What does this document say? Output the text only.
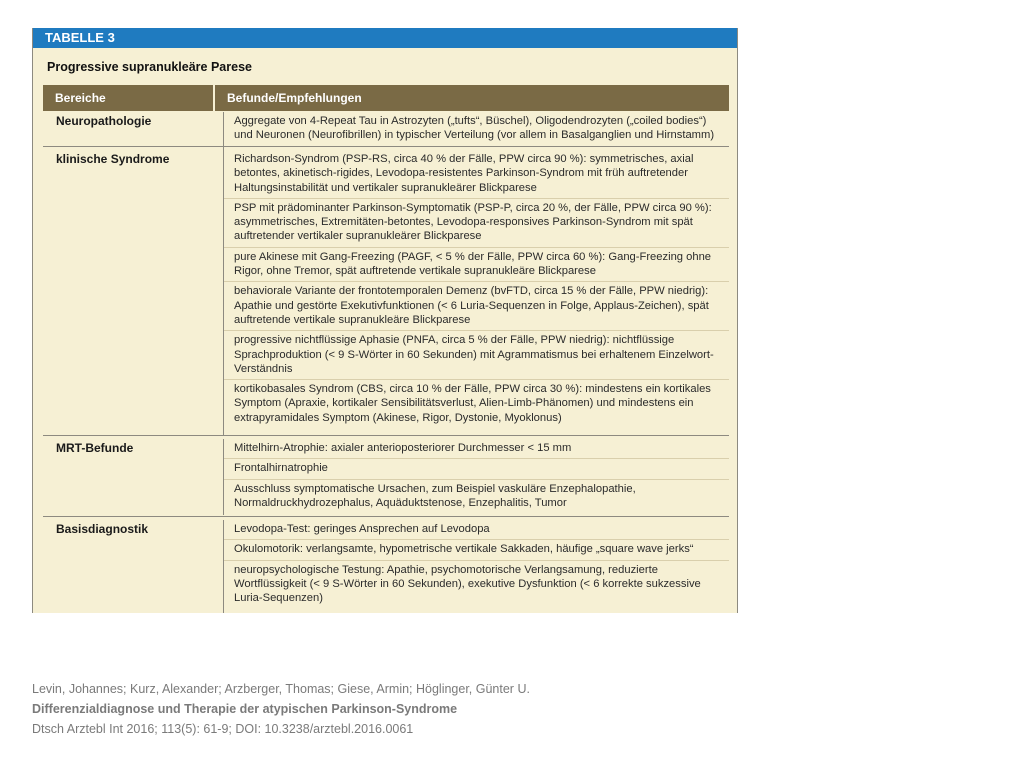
TABELLE 3
Progressive supranukleäre Parese
Bereiche	Befunde/Empfehlungen
Neuropathologie	Aggregate von 4-Repeat Tau in Astrozyten („tufts“, Büschel), Oligodendrozyten („coiled bodies“) und Neuronen (Neurofibrillen) in typischer Verteilung (vor allem in Basalganglien und Hirnstamm)
klinische Syndrome	Richardson-Syndrom (PSP-RS, circa 40 % der Fälle, PPW circa 90 %): symmetrisches, axial betontes, akinetisch-rigides, Levodopa-resistentes Parkinson-Syndrom mit früh auftretender Haltungsinstabilität und vertikaler supranukleärer Blickparese
PSP mit prädominanter Parkinson-Symptomatik (PSP-P, circa 20 %, der Fälle, PPW circa 90 %): asymmetrisches, Extremitäten-betontes, Levodopa-responsives Parkinson-Syndrom mit spät auftretender vertikaler supranukleärer Blickparese
pure Akinese mit Gang-Freezing (PAGF, < 5 % der Fälle, PPW circa 60 %): Gang-Freezing ohne Rigor, ohne Tremor, spät auftretende vertikale supranukleäre Blickparese
behaviorale Variante der frontotemporalen Demenz (bvFTD, circa 15 % der Fälle, PPW niedrig): Apathie und gestörte Exekutivfunktionen (< 6 Luria-Sequenzen in Folge, Applaus-Zeichen), spät auftretende vertikale supranukleäre Blickparese
progressive nichtflüssige Aphasie (PNFA, circa 5 % der Fälle, PPW niedrig): nichtflüssige Sprachproduktion (< 9 S-Wörter in 60 Sekunden) mit Agrammatismus bei erhaltenem Einzelwort-Verständnis
kortikobasales Syndrom (CBS, circa 10 % der Fälle, PPW circa 30 %): mindestens ein kortikales Symptom (Apraxie, kortikaler Sensibilitätsverlust, Alien-Limb-Phänomen) und mindestens ein extrapyramidales Symptom (Akinese, Rigor, Dystonie, Myoklonus)
MRT-Befunde	Mittelhirn-Atrophie: axialer anterioposteriorer Durchmesser < 15 mm
Frontalhirnatrophie
Ausschluss symptomatische Ursachen, zum Beispiel vaskuläre Enzephalopathie, Normaldruckhydrozephalus, Aquäduktstenose, Enzephalitis, Tumor
Basisdiagnostik	Levodopa-Test: geringes Ansprechen auf Levodopa
Okulomotorik: verlangsamte, hypometrische vertikale Sakkaden, häufige „square wave jerks“
neuropsychologische Testung: Apathie, psychomotorische Verlangsamung, reduzierte Wortflüssigkeit (< 9 S-Wörter in 60 Sekunden), exekutive Dysfunktion (< 6 korrekte sukzessive Luria-Sequenzen)
Levin, Johannes; Kurz, Alexander; Arzberger, Thomas; Giese, Armin; Höglinger, Günter U.
Differenzialdiagnose und Therapie der atypischen Parkinson-Syndrome
Dtsch Arztebl Int 2016; 113(5): 61-9; DOI: 10.3238/arztebl.2016.0061
